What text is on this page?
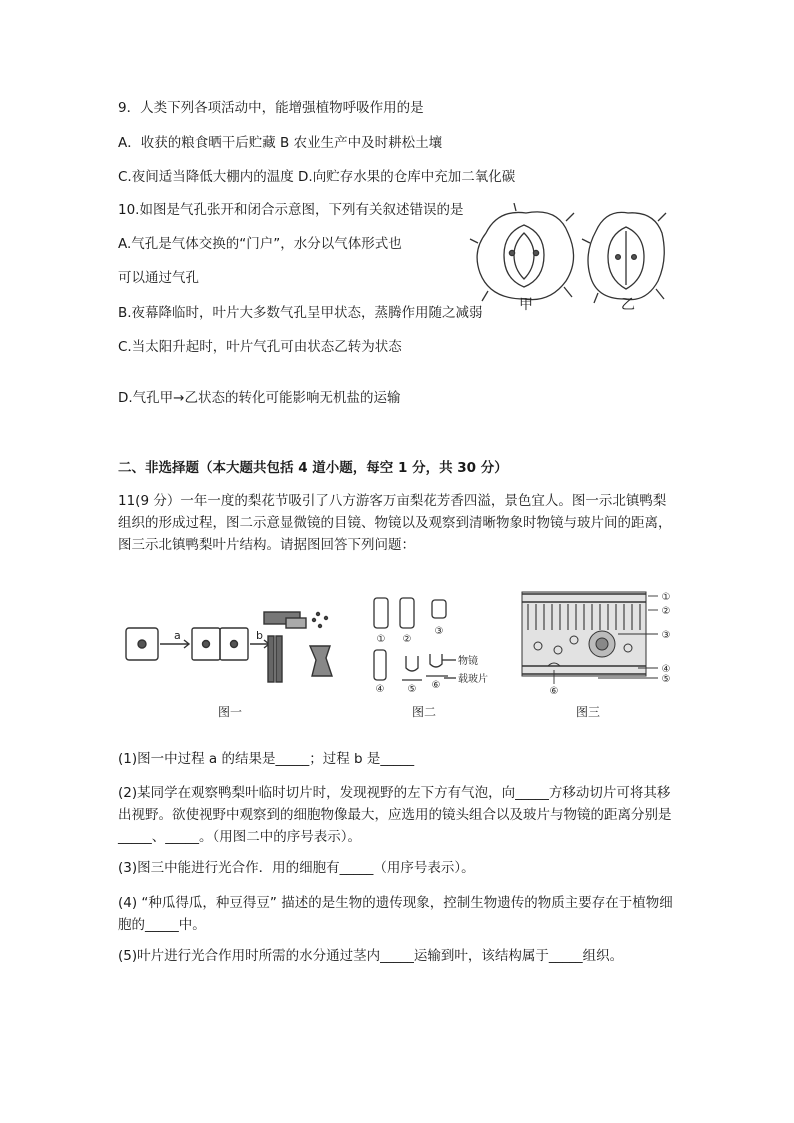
9．人类下列各项活动中，能增强植物呼吸作用的是
A．收获的粮食晒干后贮藏 B 农业生产中及时耕松土壤
C.夜间适当降低大棚内的温度 D.向贮存水果的仓库中充加二氧化碳
10.如图是气孔张开和闭合示意图，下列有关叙述错误的是
A.气孔是气体交换的“门户”，水分以气体形式也
可以通过气孔
B.夜幕降临时，叶片大多数气孔呈甲状态，蒸腾作用随之减弱
C.当太阳升起时，叶片气孔可由状态乙转为状态
D.气孔甲→乙状态的转化可能影响无机盐的运输
甲	乙
二、非选择题（本大题共包括 4 道小题，每空 1 分，共 30 分）
11(9 分）一年一度的梨花节吸引了八方游客万亩梨花芳香四溢，景色宜人。图一示北镇鸭梨组织的形成过程，图二示意显微镜的目镜、物镜以及观察到清晰物象时物镜与玻片间的距离，图三示北镇鸭梨叶片结构。请据图回答下列问题：
a	b
图一
① ②
③
④ ⑤ ⑥
物镜
载玻片
图二
①
②
③
④
⑤
⑥
图三
(1)图一中过程 a 的结果是_____；过程 b 是_____
(2)某同学在观察鸭梨叶临时切片时，发现视野的左下方有气泡，向_____方移动切片可将其移出视野。欲使视野中观察到的细胞物像最大，应选用的镜头组合以及玻片与物镜的距离分别是_____、_____。（用图二中的序号表示）。
(3)图三中能进行光合作．用的细胞有_____（用序号表示）。
(4) “种瓜得瓜，种豆得豆” 描述的是生物的遗传现象，控制生物遗传的物质主要存在于植物细胞的_____中。
(5)叶片进行光合作用时所需的水分通过茎内_____运输到叶，该结构属于_____组织。
